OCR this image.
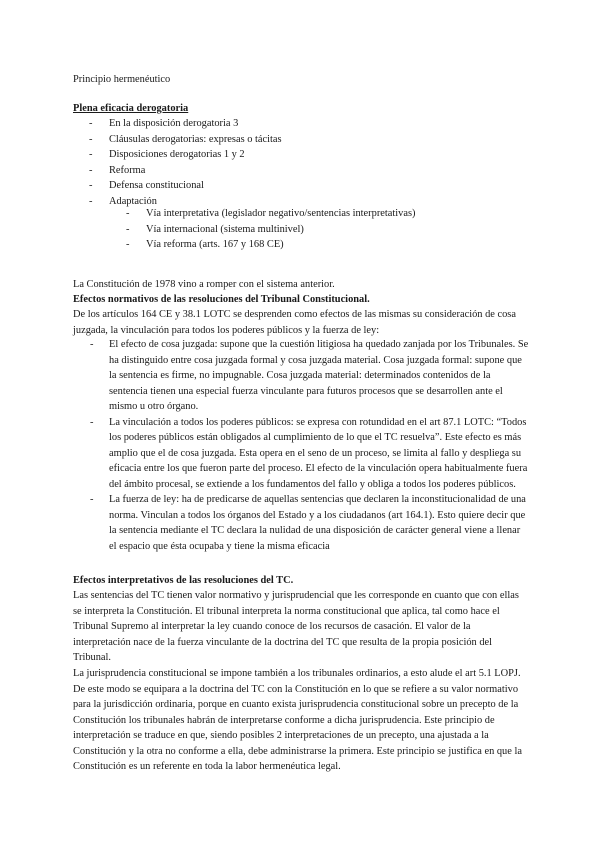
Principio hermenéutico

Plena eficacia derogatoria

- En la disposición derogatoria 3
- Cláusulas derogatorias: expresas o tácitas
- Disposiciones derogatorias 1 y 2
- Reforma
- Defensa constitucional
- Adaptación
- Vía interpretativa (legislador negativo/sentencias interpretativas)
- Vía internacional (sistema multinivel)
- Vía reforma (arts. 167 y 168 CE)

La Constitución de 1978 vino a romper con el sistema anterior.

Efectos normativos de las resoluciones del Tribunal Constitucional.

De los artículos 164 CE y 38.1 LOTC se desprenden como efectos de las mismas su consideración de cosa juzgada, la vinculación para todos los poderes públicos y la fuerza de ley:

- El efecto de cosa juzgada: supone que la cuestión litigiosa ha quedado zanjada por los Tribunales. Se ha distinguido entre cosa juzgada formal y cosa juzgada material. Cosa juzgada formal: supone que la sentencia es firme, no impugnable. Cosa juzgada material: determinados contenidos de la sentencia tienen una especial fuerza vinculante para futuros procesos que se desarrollen ante el mismo u otro órgano.
- La vinculación a todos los poderes públicos: se expresa con rotundidad en el art 87.1 LOTC: “Todos los poderes públicos están obligados al cumplimiento de lo que el TC resuelva”. Este efecto es más amplio que el de cosa juzgada. Esta opera en el seno de un proceso, se limita al fallo y despliega su eficacia entre los que fueron parte del proceso. El efecto de la vinculación opera habitualmente fuera del ámbito procesal, se extiende a los fundamentos del fallo y obliga a todos los poderes públicos.
- La fuerza de ley: ha de predicarse de aquellas sentencias que declaren la inconstitucionalidad de una norma. Vinculan a todos los órganos del Estado y a los ciudadanos (art 164.1). Esto quiere decir que la sentencia mediante el TC declara la nulidad de una disposición de carácter general viene a llenar el espacio que ésta ocupaba y tiene la misma eficacia

Efectos interpretativos de las resoluciones del TC.

Las sentencias del TC tienen valor normativo y jurisprudencial que les corresponde en cuanto que con ellas se interpreta la Constitución. El tribunal interpreta la norma constitucional que aplica, tal como hace el Tribunal Supremo al interpretar la ley cuando conoce de los recursos de casación. El valor de la interpretación nace de la fuerza vinculante de la doctrina del TC que resulta de la propia posición del Tribunal.

La jurisprudencia constitucional se impone también a los tribunales ordinarios, a esto alude el art 5.1 LOPJ. De este modo se equipara a la doctrina del TC con la Constitución en lo que se refiere a su valor normativo para la jurisdicción ordinaria, porque en cuanto exista jurisprudencia constitucional sobre un precepto de la Constitución los tribunales habrán de interpretarse conforme a dicha jurisprudencia. Este principio de interpretación se traduce en que, siendo posibles 2 interpretaciones de un precepto, una ajustada a la Constitución y la otra no conforme a ella, debe administrarse la primera. Este principio se justifica en que la Constitución es un referente en toda la labor hermenéutica legal.
